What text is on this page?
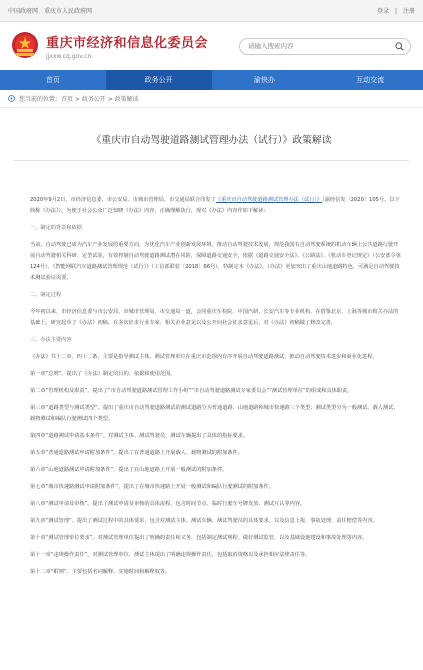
中国政府网 重庆市人民政府网	登录 | 注册
重庆市经济和信息化委员会
jjxxw.cq.gov.cn
请输入搜索内容
首页	政务公开	渝快办	互动交流
您当前的位置：首页 > 政务公开 > 政策解读
《重庆市自动驾驶道路测试管理办法（试行）》政策解读

2020年9月2日，市经济信息委、市公安局、市城市管理局、市交通局联合印发了《重庆市自动驾驶道路测试管理办法（试行）》（渝经信发〔2020〕105号，以下简称《办法》）。为便于社会公众广泛知晓《办法》内容、正确理解执行，现对《办法》内容作如下解读：

一、制定的背景和依据

当前，自动驾驶已成为汽车产业发展的重要方向，为优化汽车产业创新发展环境，推动自动驾驶技术发展，规范我国有自动驾驶系统的机动车辆上公共道路行驶开展自动驾驶相关科研、定型试验，有效控制自动驾驶道路测试潜在风险，保障道路交通安全，依据《道路交通安全法》、《公路法》、《机动车登记规定》（公安部令第124号）、《智能网联汽车道路测试管理规范（试行）》（工信部联装〔2018〕66号），特制定本《办法》。《办法》更加突出了重庆山地道路特色，可满足自动驾驶技术测试验证需要。

二、制定过程

今年初以来，市经济信息委与市公安局、市城市管理局、市交通局一道，会同重庆车检院、中国汽研、长安汽车等专业机构，在借鉴北京、上海等城市相关办法的基础上，研究起草了《办法》初稿。在多次征求行业专家、相关企业意见以及公开向社会征求意见后，对《办法》初稿做了修改完善。

三、办法主要内容

《办法》共十二章、四十二条，主要是指导测试主体、测试管理单位在重庆市范围内有序开展自动驾驶道路测试，推动自动驾驶技术进步和商业化进程。

第一章“总则”。提出了《办法》制定的目的、依据和使用范围。

第二章“管理机构及职责”。提出了“市自动驾驶道路测试管理工作小组”“市自动驾驶道路测试专家委员会”“测试管理单位”的组成和具体职责。

第三章“道路类型与测试类型”。提出了重庆市自动驾驶道路测试的测试道路分为普通道路、山地道路和城市快速路三个类型；测试类型分为一般测试、载人测试、载物测试和编队行驶测试四个类型。

第四章“道路测试申请基本条件”。对测试主体、测试驾驶员、测试车辆提出了具体的指标要求。

第五章“普通道路测试申请附加条件”。提出了在普通道路上开展载人、载物测试的附加条件。

第六章“山地道路测试申请附加条件”。提出了在山地道路上开展一般测试的附加条件。

第七章“城市快速路测试申请附加条件”。提出了在城市快速路上开展一般测试和编队行驶测试的附加条件。

第八章“测试申请及审核”。提出了测试申请及审核的具体流程，包含时间节点、临时行驶车号牌发放、测试互认等内容。

第九章“测试管理”。提出了测试过程中的具体要求，包含对测试主体、测试车辆、测试驾驶员的具体要求，以及信息上报、事故处理、责任赔偿等内容。

第十章“测试管理单位要求”。对测试管理单位提出了明确的责任和义务，包括制定测试规程、做好测试监管、以及基础设施建设和事故处理等内容。

第十一章“违规操作责任”。对测试管理单位、测试主体提出了明确违规操作责任，包括取消资格以及承担相应法律责任等。

第十二章“附则”。主要包括名词解释、实施时间和解释权等。
